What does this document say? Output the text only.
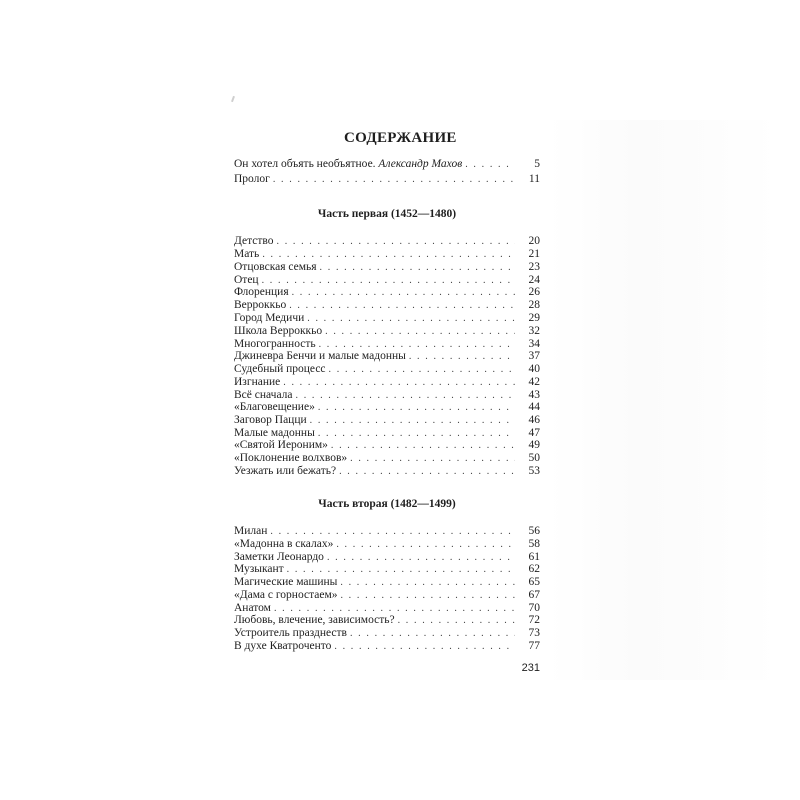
СОДЕРЖАНИЕ
Он хотел объять необъятное. Александр Махов . . .	5
Пролог . . .	11
Часть первая (1452—1480)
Детство . . .	20
Мать . . .	21
Отцовская семья . . .	23
Отец . . .	24
Флоренция . . .	26
Верроккьо . . .	28
Город Медичи . . .	29
Школа Верроккьо . . .	32
Многогранность . . .	34
Джиневра Бенчи и малые мадонны . . .	37
Судебный процесс . . .	40
Изгнание . . .	42
Всё сначала . . .	43
«Благовещение» . . .	44
Заговор Пацци . . .	46
Малые мадонны . . .	47
«Святой Иероним» . . .	49
«Поклонение волхвов» . . .	50
Уезжать или бежать? . . .	53
Часть вторая (1482—1499)
Милан . . .	56
«Мадонна в скалах» . . .	58
Заметки Леонардо . . .	61
Музыкант . . .	62
Магические машины . . .	65
«Дама с горностаем» . . .	67
Анатом . . .	70
Любовь, влечение, зависимость? . . .	72
Устроитель празднеств . . .	73
В духе Кватроченто . . .	77
231
